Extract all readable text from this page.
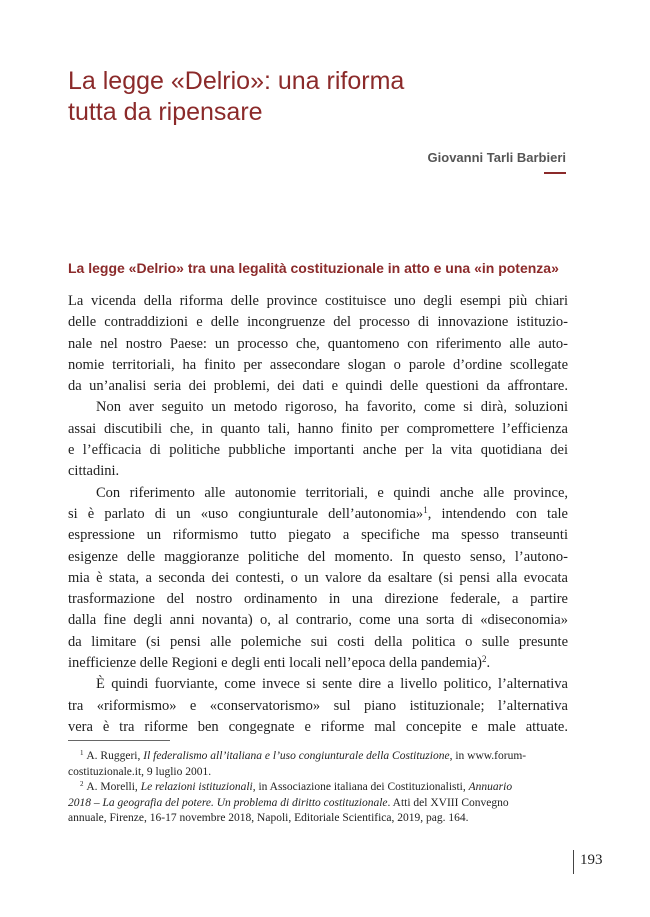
La legge «Delrio»: una riforma
tutta da ripensare
Giovanni Tarli Barbieri
La legge «Delrio» tra una legalità costituzionale in atto e una «in potenza»
La vicenda della riforma delle province costituisce uno degli esempi più chiari
delle contraddizioni e delle incongruenze del processo di innovazione istituzio-
nale nel nostro Paese: un processo che, quantomeno con riferimento alle auto-
nomie territoriali, ha finito per assecondare slogan o parole d’ordine scollegate
da un’analisi seria dei problemi, dei dati e quindi delle questioni da affrontare.
Non aver seguito un metodo rigoroso, ha favorito, come si dirà, soluzioni
assai discutibili che, in quanto tali, hanno finito per compromettere l’efficienza
e l’efficacia di politiche pubbliche importanti anche per la vita quotidiana dei
cittadini.
Con riferimento alle autonomie territoriali, e quindi anche alle province,
si è parlato di un «uso congiunturale dell’autonomia»$^1$, intendendo con tale
espressione un riformismo tutto piegato a specifiche ma spesso transeunti
esigenze delle maggioranze politiche del momento. In questo senso, l’autono-
mia è stata, a seconda dei contesti, o un valore da esaltare (si pensi alla evocata
trasformazione del nostro ordinamento in una direzione federale, a partire
dalla fine degli anni novanta) o, al contrario, come una sorta di «diseconomia»
da limitare (si pensi alle polemiche sui costi della politica o sulle presunte
inefficienze delle Regioni e degli enti locali nell’epoca della pandemia)$^2$.
È quindi fuorviante, come invece si sente dire a livello politico, l’alternativa
tra «riformismo» e «conservatorismo» sul piano istituzionale; l’alternativa
vera è tra riforme ben congegnate e riforme mal concepite e male attuate.
$^1$ A. Ruggeri, Il federalismo all’italiana e l’uso congiunturale della Costituzione, in www.forum-
costituzionale.it, 9 luglio 2001.
$^2$ A. Morelli, Le relazioni istituzionali, in Associazione italiana dei Costituzionalisti, Annuario
2018 – La geografia del potere. Un problema di diritto costituzionale. Atti del XVIII Convegno
annuale, Firenze, 16-17 novembre 2018, Napoli, Editoriale Scientifica, 2019, pag. 164.
193
